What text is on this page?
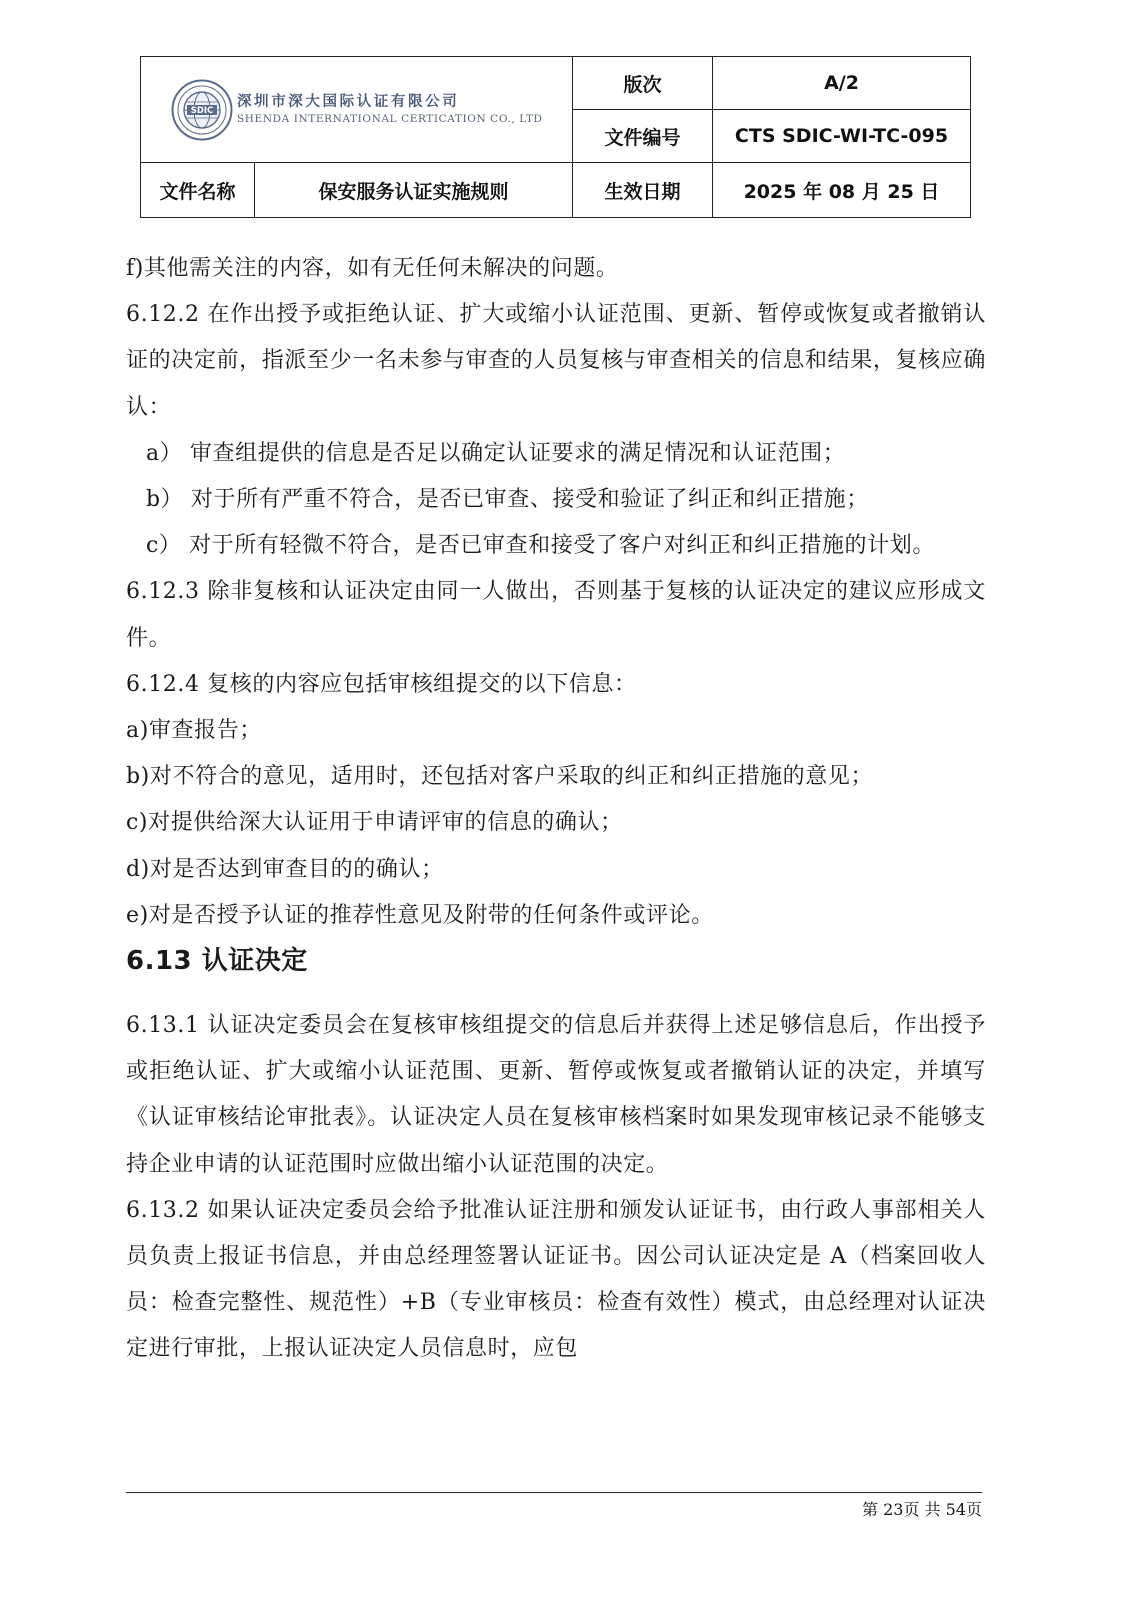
SDIC
深圳市深大国际认证有限公司
SHENDA INTERNATIONAL CERTICATION CO., LTD		版次	A/2
		文件编号	CTS SDIC-WI-TC-095
文件名称	保安服务认证实施规则	生效日期	2025 年 08 月 25 日

f)其他需关注的内容，如有无任何未解决的问题。

6.12.2 在作出授予或拒绝认证、扩大或缩小认证范围、更新、暂停或恢复或者撤销认证的决定前，指派至少一名未参与审查的人员复核与审查相关的信息和结果，复核应确认：

a） 审查组提供的信息是否足以确定认证要求的满足情况和认证范围；

b） 对于所有严重不符合，是否已审查、接受和验证了纠正和纠正措施；

c） 对于所有轻微不符合，是否已审查和接受了客户对纠正和纠正措施的计划。

6.12.3 除非复核和认证决定由同一人做出，否则基于复核的认证决定的建议应形成文件。

6.12.4 复核的内容应包括审核组提交的以下信息：

a)审查报告；

b)对不符合的意见，适用时，还包括对客户采取的纠正和纠正措施的意见；

c)对提供给深大认证用于申请评审的信息的确认；

d)对是否达到审查目的的确认；

e)对是否授予认证的推荐性意见及附带的任何条件或评论。

6.13 认证决定

6.13.1 认证决定委员会在复核审核组提交的信息后并获得上述足够信息后，作出授予或拒绝认证、扩大或缩小认证范围、更新、暂停或恢复或者撤销认证的决定，并填写《认证审核结论审批表》。认证决定人员在复核审核档案时如果发现审核记录不能够支持企业申请的认证范围时应做出缩小认证范围的决定。

6.13.2 如果认证决定委员会给予批准认证注册和颁发认证证书，由行政人事部相关人员负责上报证书信息，并由总经理签署认证证书。因公司认证决定是 A（档案回收人员：检查完整性、规范性）+B（专业审核员：检查有效性）模式，由总经理对认证决定进行审批，上报认证决定人员信息时，应包

第 23页 共 54页
